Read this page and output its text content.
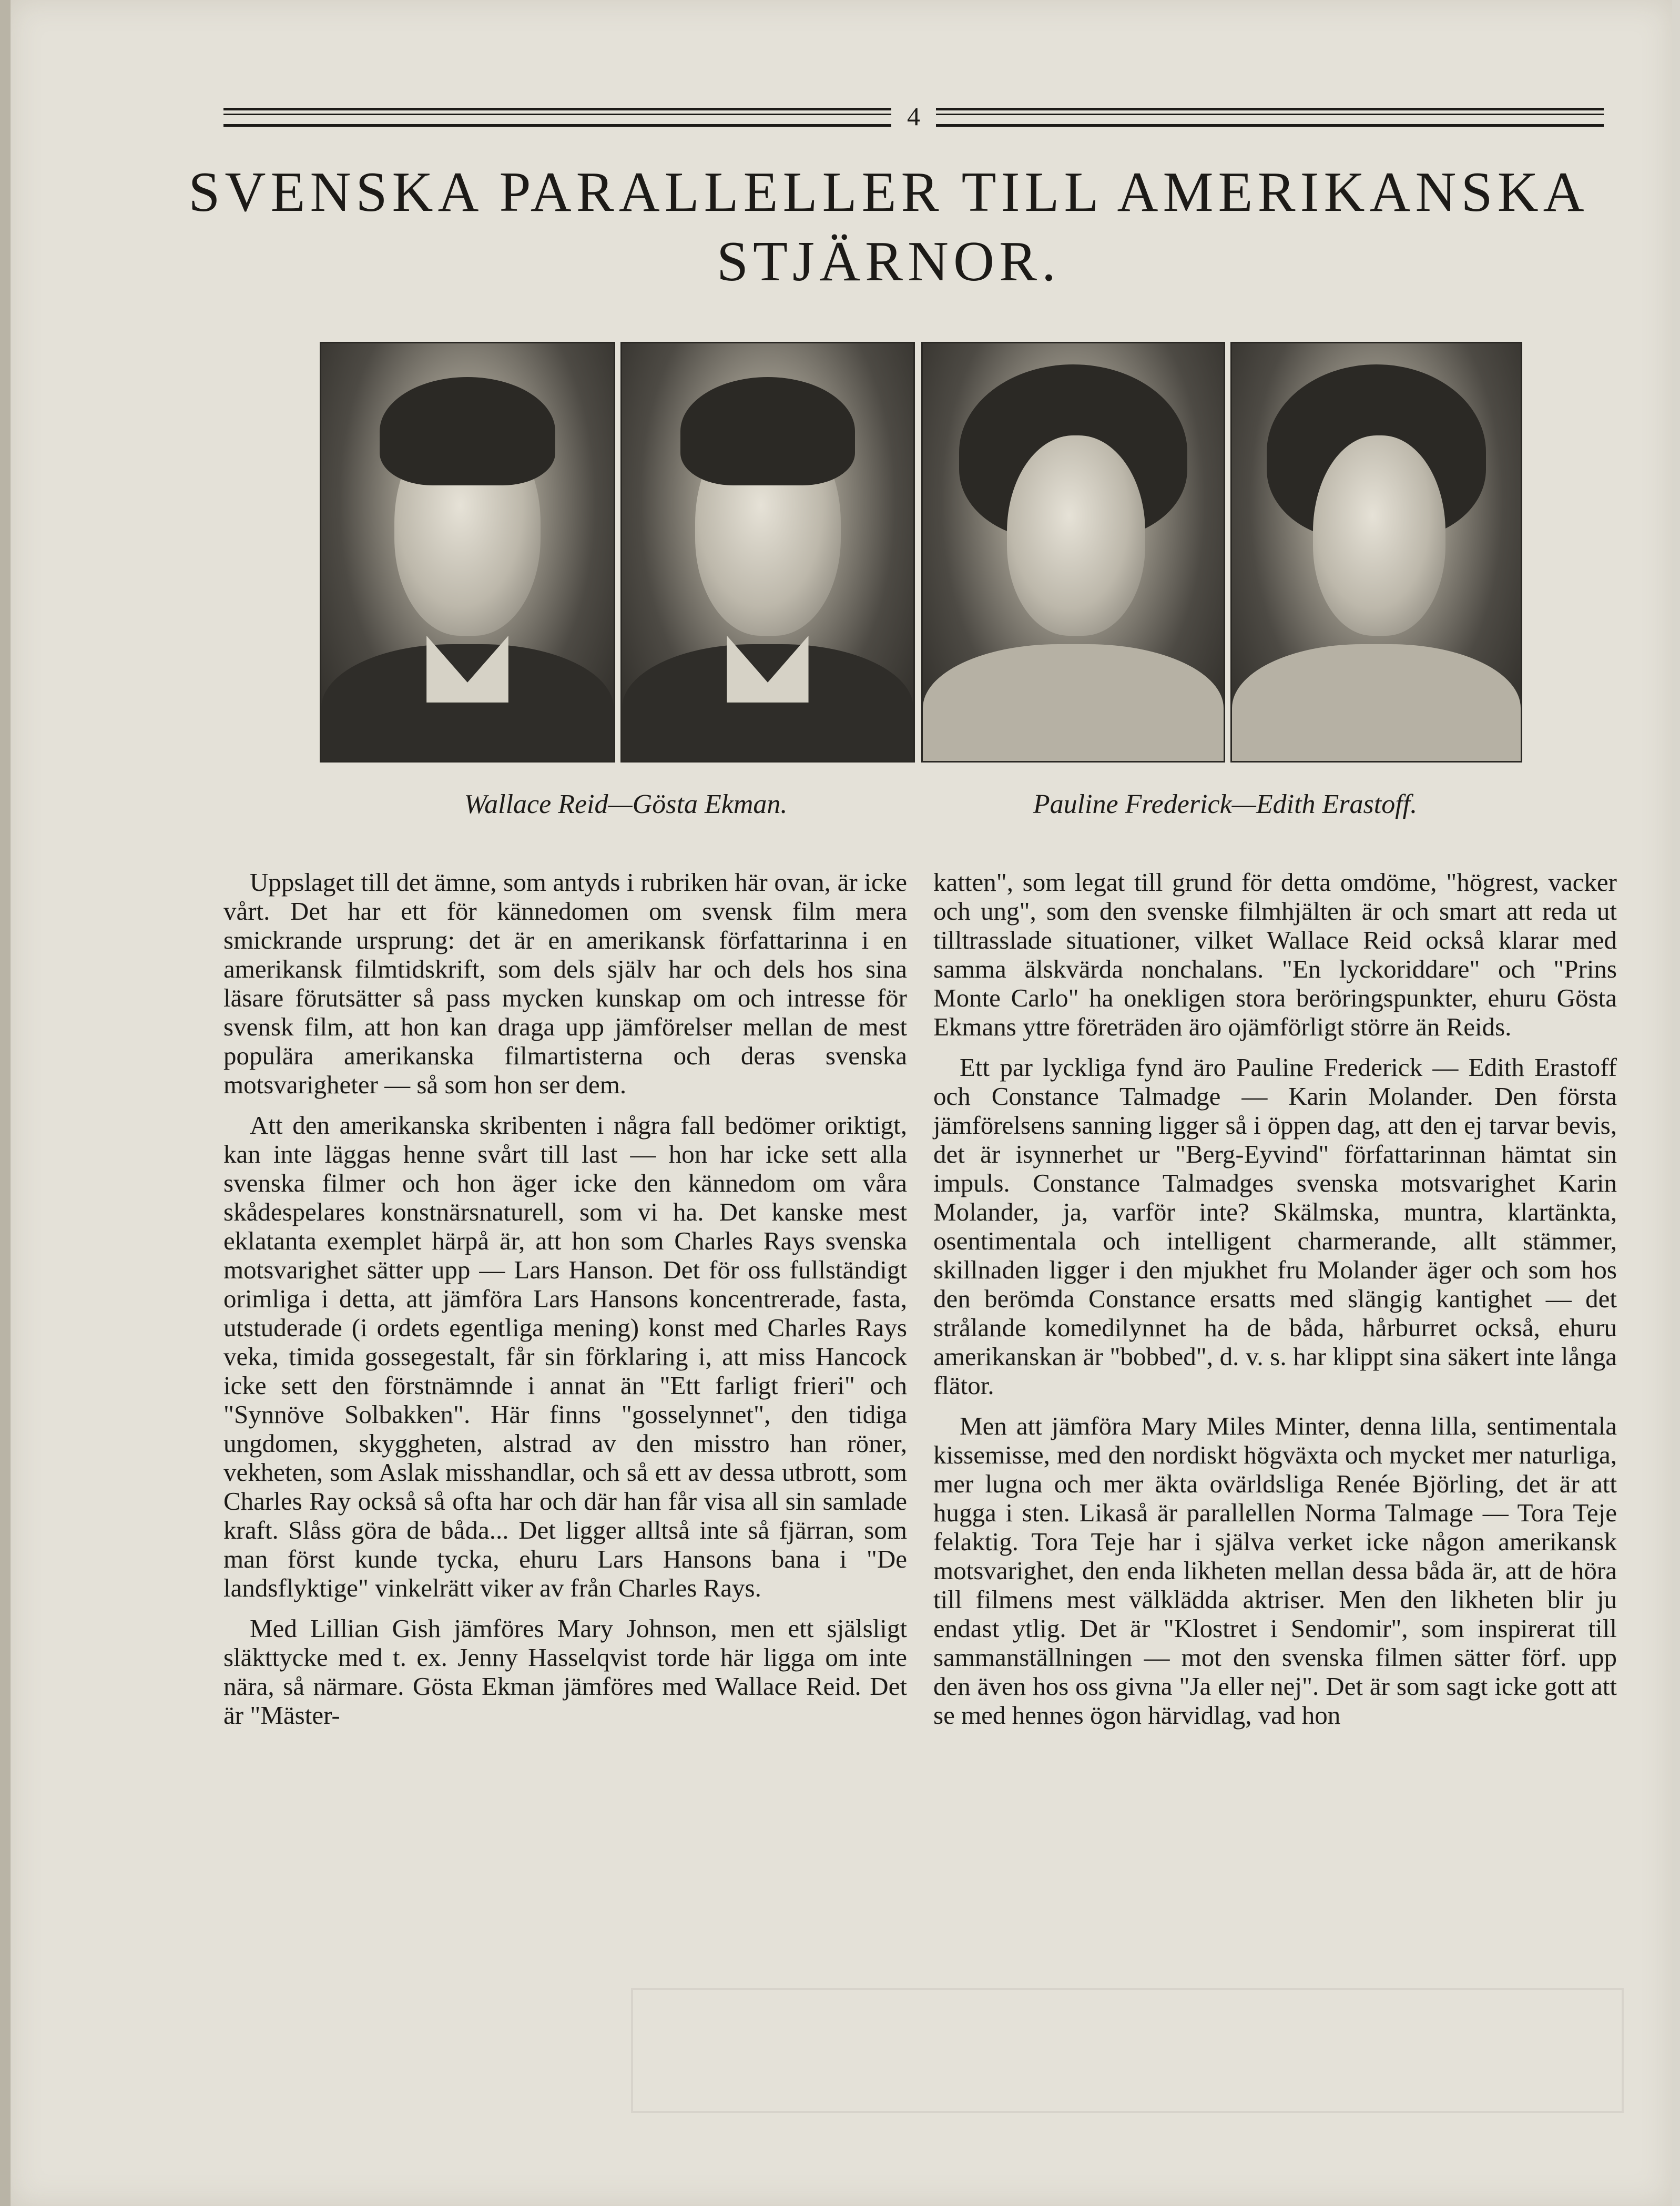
4
SVENSKA PARALLELLER TILL AMERIKANSKA
STJÄRNOR.
Wallace Reid—Gösta Ekman.	Pauline Frederick—Edith Erastoff.

Uppslaget till det ämne, som antyds i rubriken här ovan, är icke vårt. Det har ett för kännedomen om svensk film mera smickrande ursprung: det är en amerikansk författarinna i en amerikansk filmtidskrift, som dels själv har och dels hos sina läsare förutsätter så pass mycken kunskap om och intresse för svensk film, att hon kan draga upp jämförelser mellan de mest populära amerikanska filmartisterna och deras svenska motsvarigheter — så som hon ser dem.

Att den amerikanska skribenten i några fall bedömer oriktigt, kan inte läggas henne svårt till last — hon har icke sett alla svenska filmer och hon äger icke den kännedom om våra skådespelares konstnärsnaturell, som vi ha. Det kanske mest eklatanta exemplet härpå är, att hon som Charles Rays svenska motsvarighet sätter upp — Lars Hanson. Det för oss fullständigt orimliga i detta, att jämföra Lars Hansons koncentrerade, fasta, utstuderade (i ordets egentliga mening) konst med Charles Rays veka, timida gossegestalt, får sin förklaring i, att miss Hancock icke sett den förstnämnde i annat än "Ett farligt frieri" och "Synnöve Solbakken". Här finns "gosselynnet", den tidiga ungdomen, skyggheten, alstrad av den misstro han röner, vekheten, som Aslak misshandlar, och så ett av dessa utbrott, som Charles Ray också så ofta har och där han får visa all sin samlade kraft. Slåss göra de båda... Det ligger alltså inte så fjärran, som man först kunde tycka, ehuru Lars Hansons bana i "De landsflyktige" vinkelrätt viker av från Charles Rays.

Med Lillian Gish jämföres Mary Johnson, men ett själsligt släkttycke med t. ex. Jenny Hasselqvist torde här ligga om inte nära, så närmare. Gösta Ekman jämföres med Wallace Reid. Det är "Mäster-

katten", som legat till grund för detta omdöme, "högrest, vacker och ung", som den svenske filmhjälten är och smart att reda ut tilltrasslade situationer, vilket Wallace Reid också klarar med samma älskvärda nonchalans. "En lyckoriddare" och "Prins Monte Carlo" ha onekligen stora beröringspunkter, ehuru Gösta Ekmans yttre företräden äro ojämförligt större än Reids.

Ett par lyckliga fynd äro Pauline Frederick — Edith Erastoff och Constance Talmadge — Karin Molander. Den första jämförelsens sanning ligger så i öppen dag, att den ej tarvar bevis, det är isynnerhet ur "Berg-Eyvind" författarinnan hämtat sin impuls. Constance Talmadges svenska motsvarighet Karin Molander, ja, varför inte? Skälmska, muntra, klartänkta, osentimentala och intelligent charmerande, allt stämmer, skillnaden ligger i den mjukhet fru Molander äger och som hos den berömda Constance ersatts med slängig kantighet — det strålande komedilynnet ha de båda, hårburret också, ehuru amerikanskan är "bobbed", d. v. s. har klippt sina säkert inte långa flätor.

Men att jämföra Mary Miles Minter, denna lilla, sentimentala kissemisse, med den nordiskt högväxta och mycket mer naturliga, mer lugna och mer äkta ovärldsliga Renée Björling, det är att hugga i sten. Likaså är parallellen Norma Talmage — Tora Teje felaktig. Tora Teje har i själva verket icke någon amerikansk motsvarighet, den enda likheten mellan dessa båda är, att de höra till filmens mest välklädda aktriser. Men den likheten blir ju endast ytlig. Det är "Klostret i Sendomir", som inspirerat till sammanställningen — mot den svenska filmen sätter förf. upp den även hos oss givna "Ja eller nej". Det är som sagt icke gott att se med hennes ögon härvidlag, vad hon
